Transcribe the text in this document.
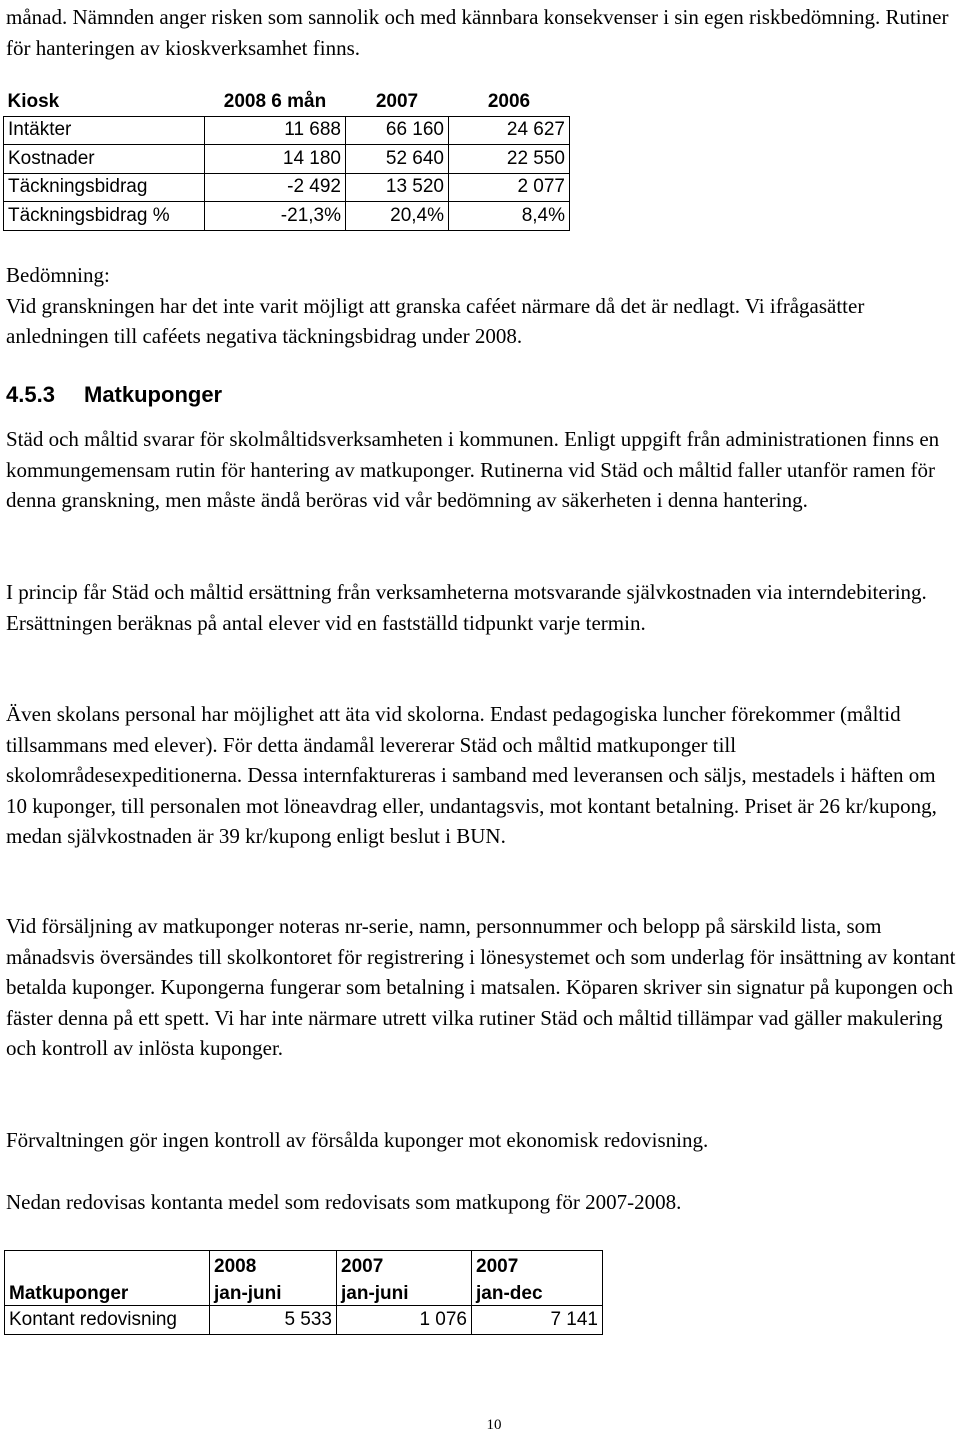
månad. Nämnden anger risken som sannolik och med kännbara konsekvenser i sin egen riskbedömning. Rutiner för hanteringen av kioskverksamhet finns.

Kiosk	2008 6 mån	2007	2006
Intäkter	11 688	66 160	24 627
Kostnader	14 180	52 640	22 550
Täckningsbidrag	-2 492	13 520	2 077
Täckningsbidrag %	-21,3%	20,4%	8,4%
Bedömning:
Vid granskningen har det inte varit möjligt att granska caféet närmare då det är nedlagt. Vi ifrågasätter anledningen till caféets negativa täckningsbidrag under 2008.
4.5.3 Matkuponger

Städ och måltid svarar för skolmåltidsverksamheten i kommunen. Enligt uppgift från administrationen finns en kommungemensam rutin för hantering av matkuponger. Rutinerna vid Städ och måltid faller utanför ramen för denna granskning, men måste ändå beröras vid vår bedömning av säkerheten i denna hantering.

I princip får Städ och måltid ersättning från verksamheterna motsvarande självkostnaden via interndebitering. Ersättningen beräknas på antal elever vid en fastställd tidpunkt varje termin.

Även skolans personal har möjlighet att äta vid skolorna. Endast pedagogiska luncher förekommer (måltid tillsammans med elever). För detta ändamål levererar Städ och måltid matkuponger till skolområdesexpeditionerna. Dessa internfaktureras i samband med leveransen och säljs, mestadels i häften om 10 kuponger, till personalen mot löneavdrag eller, undantagsvis, mot kontant betalning. Priset är 26 kr/kupong, medan självkostnaden är 39 kr/kupong enligt beslut i BUN.

Vid försäljning av matkuponger noteras nr-serie, namn, personnummer och belopp på särskild lista, som månadsvis översändes till skolkontoret för registrering i lönesystemet och som underlag för insättning av kontant betalda kuponger. Kupongerna fungerar som betalning i matsalen. Köparen skriver sin signatur på kupongen och fäster denna på ett spett. Vi har inte närmare utrett vilka rutiner Städ och måltid tillämpar vad gäller makulering och kontroll av inlösta kuponger.

Förvaltningen gör ingen kontroll av försålda kuponger mot ekonomisk redovisning.

Nedan redovisas kontanta medel som redovisats som matkupong för 2007-2008.

	2008	2007	2007
Matkuponger	jan-juni	jan-juni	jan-dec
Kontant redovisning	5 533	1 076	7 141
10
